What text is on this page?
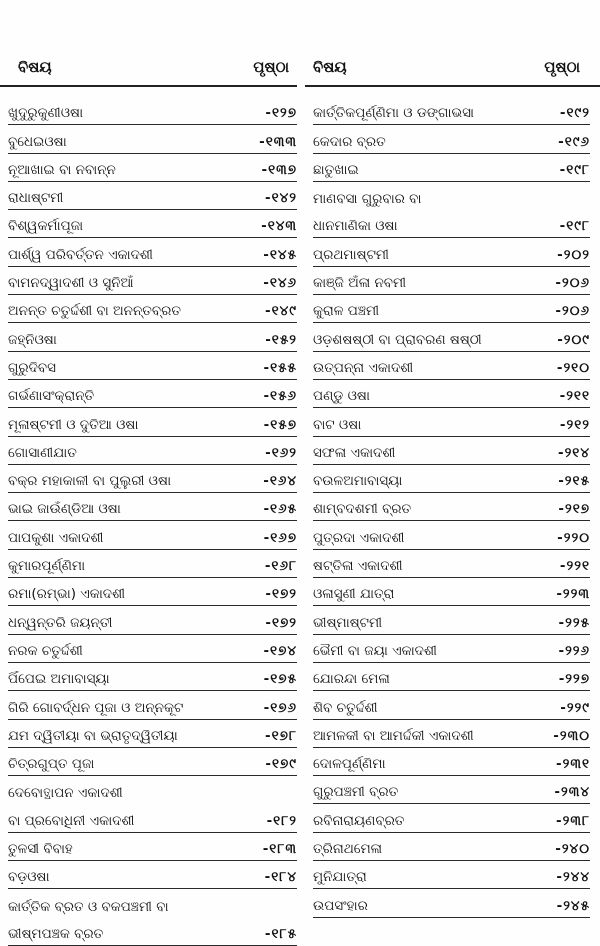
ବିଷୟ	ପୃଷ୍ଠା
ଖୁଦୁରୁକୁଣୀଓଷା	-୧୨୭
ବୁଧେଇଓଷା	-୧୩୩
ନୂଆଖାଇ ବା ନବାନ୍ନ	-୧୩୭
ରାଧାଷ୍ଟମୀ	-୧୪୨
ବିଶ୍ୱକର୍ମାପୂଜା	-୧୪୩
ପାର୍ଶ୍ୱ ପରିବର୍ତ୍ତନ ଏକାଦଶୀ	-୧୪୫
ବାମନଦ୍ୱାଦଶୀ ଓ ସୁନିଆଁ	-୧୪୬
ଅନନ୍ତ ଚତୁର୍ଦ୍ଦଶୀ ବା ଅନନ୍ତବ୍ରତ	-୧୪୯
ଜହ୍ନିଓଷା	-୧୫୨
ଗୁରୁଦିବସ	-୧୫୫
ଗର୍ଭଣାସଂକ୍ରାନ୍ତି	-୧୫୬
ମୂଳାଷ୍ଟମୀ ଓ ଦୁତିଆ ଓଷା	-୧୫୭
ଗୋସାଣୀଯାତ	-୧୬୨
ବକ୍ର ମହାକାଳୀ ବା ପୁଲୁରୀ ଓଷା	-୧୬୪
ଭାଇ ଜାଉଁଣ୍ଡିଆ ଓଷା	-୧୬୫
ପାପକୁଶା ଏକାଦଶୀ	-୧୬୭
କୁମାରପୂର୍ଣ୍ଣିମା	-୧୬୮
ରମା(ରମ୍ଭା) ଏକାଦଶୀ	-୧୭୨
ଧନ୍ୱନ୍ତରି ଜୟନ୍ତୀ	-୧୭୨
ନରକ ଚତୁର୍ଦ୍ଦଶୀ	-୧୭୪
ପିଁପେଇ ଅମାବାସ୍ୟା	-୧୭୫
ଗିରି ଗୋବର୍ଦ୍ଧନ ପୂଜା ଓ ଅନ୍ନକୂଟ	-୧୭୬
ଯମ ଦ୍ୱିତୀୟା ବା ଭ୍ରାତୃଦ୍ୱିତୀୟା	-୧୭୮
ଚିତ୍ରଗୁପ୍ତ ପୂଜା	-୧୭୯
ଦେବୋତ୍ଥାପନ ଏକାଦଶୀ
ବା ପ୍ରବୋଧିନୀ ଏକାଦଶୀ	-୧୮୨
ତୁଳସୀ ବିବାହ	-୧୮୩
ବଡ଼ଓଷା	-୧୮୪
କାର୍ତ୍ତିକ ବ୍ରତ ଓ ବକପଞ୍ଚମୀ ବା
ଭୀଷ୍ମପଞ୍ଚକ ବ୍ରତ	-୧୮୫
ବିଷୟ	ପୃଷ୍ଠା
କାର୍ତ୍ତିକପୂର୍ଣ୍ଣିମା ଓ ଡଙ୍ଗାଭସା	-୧୯୨
କେଦାର ବ୍ରତ	-୧୯୬
ଛାତୁଖାଇ	-୧୯୮
ମାଣବସା ଗୁରୁବାର ବା
ଧାନମାଣିକା ଓଷା	-୧୯୮
ପ୍ରଥମାଷ୍ଟମୀ	-୨୦୨
କାଞ୍ଜି ଅଁଳା ନବମୀ	-୨୦୬
କୁରାଳ ପଞ୍ଚମୀ	-୨୦୬
ଓଡ଼ଶଷଷ୍ଠୀ ବା ପ୍ରାବରଣ ଷଷ୍ଠୀ	-୨୦୯
ଉତ୍ପନ୍ନା ଏକାଦଶୀ	-୨୧୦
ପଣ୍ଡୁ ଓଷା	-୨୧୧
ବାଟ ଓଷା	-୨୧୨
ସଫଳା ଏକାଦଶୀ	-୨୧୪
ବଉଳଅମାବାସ୍ୟା	-୨୧୫
ଶାମ୍ବଦଶମୀ ବ୍ରତ	-୨୧୭
ପୁତ୍ରଦା ଏକାଦଶୀ	-୨୨୦
ଷଟ୍‌ତିଳା ଏକାଦଶୀ	-୨୨୧
ଓଳାସୁଣୀ ଯାତ୍ରା	-୨୨୩
ଭୀଷ୍ମାଷ୍ଟମୀ	-୨୨୫
ଭୈମୀ ବା ଜୟା ଏକାଦଶୀ	-୨୨୬
ଯୋରନ୍ଦା ମେଳା	-୨୨୭
ଶିବ ଚତୁର୍ଦ୍ଦଶୀ	-୨୨୯
ଆମଳକୀ ବା ଆମର୍ଦ୍ଦକୀ ଏକାଦଶୀ	-୨୩୦
ଦୋଳପୂର୍ଣ୍ଣିମା	-୨୩୧
ଗୁରୁପଞ୍ଚମୀ ବ୍ରତ	-୨୩୪
ରବିନାରାୟଣବ୍ରତ	-୨୩୮
ତ୍ରିନାଥମେଳା	-୨୪୦
ମୁନିଯାତ୍ରା	-୨୪୪
ଉପସଂହାର	-୨୪୫
